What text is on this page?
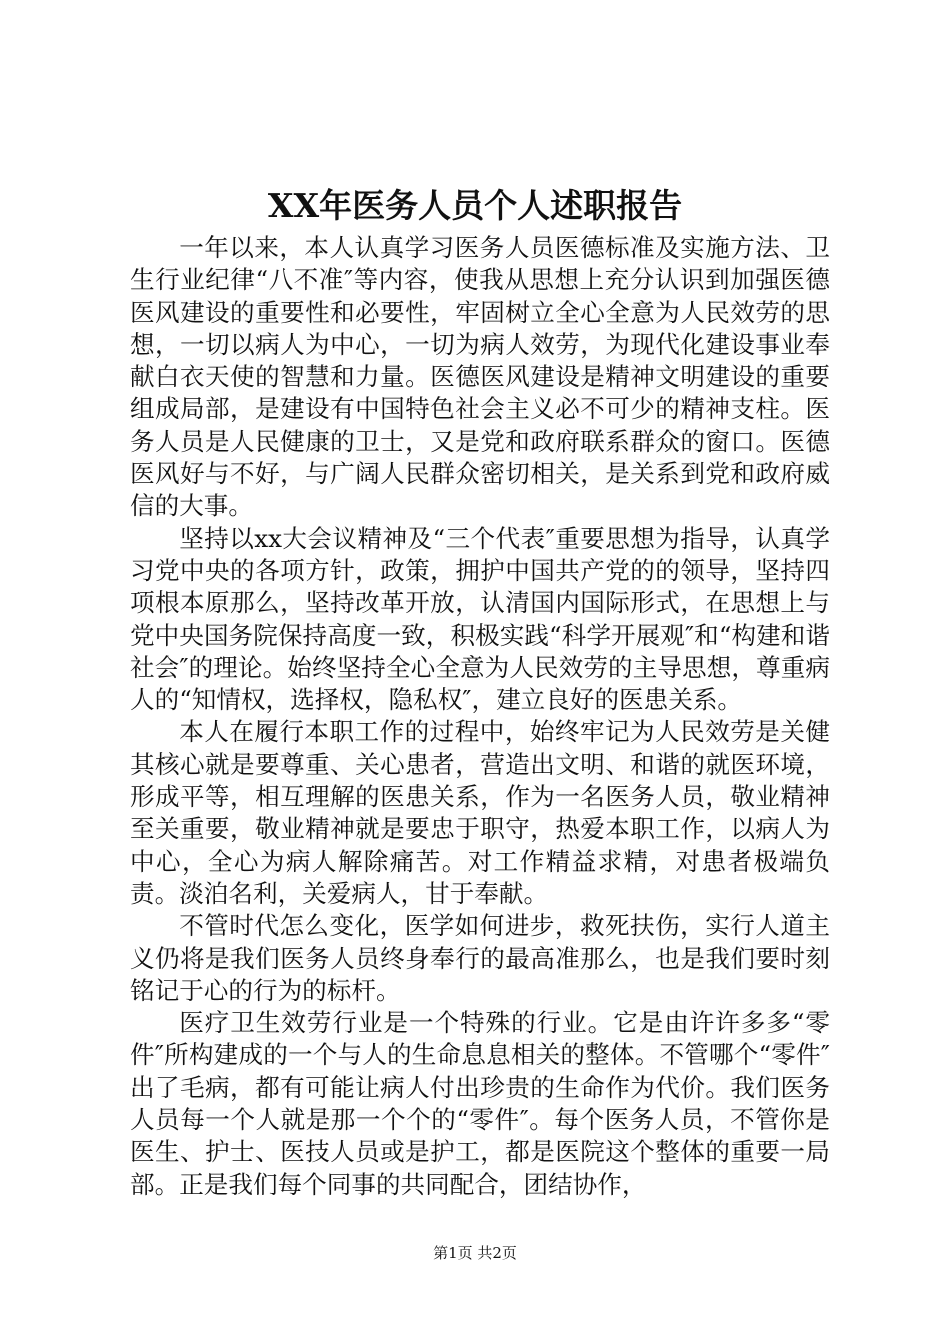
XX年医务人员个人述职报告

一年以来，本人认真学习医务人员医德标准及实施方法、卫生行业纪律“八不准″等内容，使我从思想上充分认识到加强医德医风建设的重要性和必要性，牢固树立全心全意为人民效劳的思想，一切以病人为中心，一切为病人效劳，为现代化建设事业奉献白衣天使的智慧和力量。医德医风建设是精神文明建设的重要组成局部，是建设有中国特色社会主义必不可少的精神支柱。医务人员是人民健康的卫士，又是党和政府联系群众的窗口。医德医风好与不好，与广阔人民群众密切相关，是关系到党和政府威信的大事。

坚持以xx大会议精神及“三个代表″重要思想为指导，认真学习党中央的各项方针，政策，拥护中国共产党的的领导，坚持四项根本原那么，坚持改革开放，认清国内国际形式，在思想上与党中央国务院保持高度一致，积极实践“科学开展观″和“构建和谐社会″的理论。始终坚持全心全意为人民效劳的主导思想，尊重病人的“知情权，选择权，隐私权″，建立良好的医患关系。

本人在履行本职工作的过程中，始终牢记为人民效劳是关健其核心就是要尊重、关心患者，营造出文明、和谐的就医环境，形成平等，相互理解的医患关系，作为一名医务人员，敬业精神至关重要，敬业精神就是要忠于职守，热爱本职工作，以病人为中心，全心为病人解除痛苦。对工作精益求精，对患者极端负责。淡泊名利，关爱病人，甘于奉献。

不管时代怎么变化，医学如何进步，救死扶伤，实行人道主义仍将是我们医务人员终身奉行的最高准那么，也是我们要时刻铭记于心的行为的标杆。

医疗卫生效劳行业是一个特殊的行业。它是由许许多多“零件″所构建成的一个与人的生命息息相关的整体。不管哪个“零件″出了毛病，都有可能让病人付出珍贵的生命作为代价。我们医务人员每一个人就是那一个个的“零件″。每个医务人员，不管你是医生、护士、医技人员或是护工，都是医院这个整体的重要一局部。正是我们每个同事的共同配合，团结协作，

第1页 共2页
